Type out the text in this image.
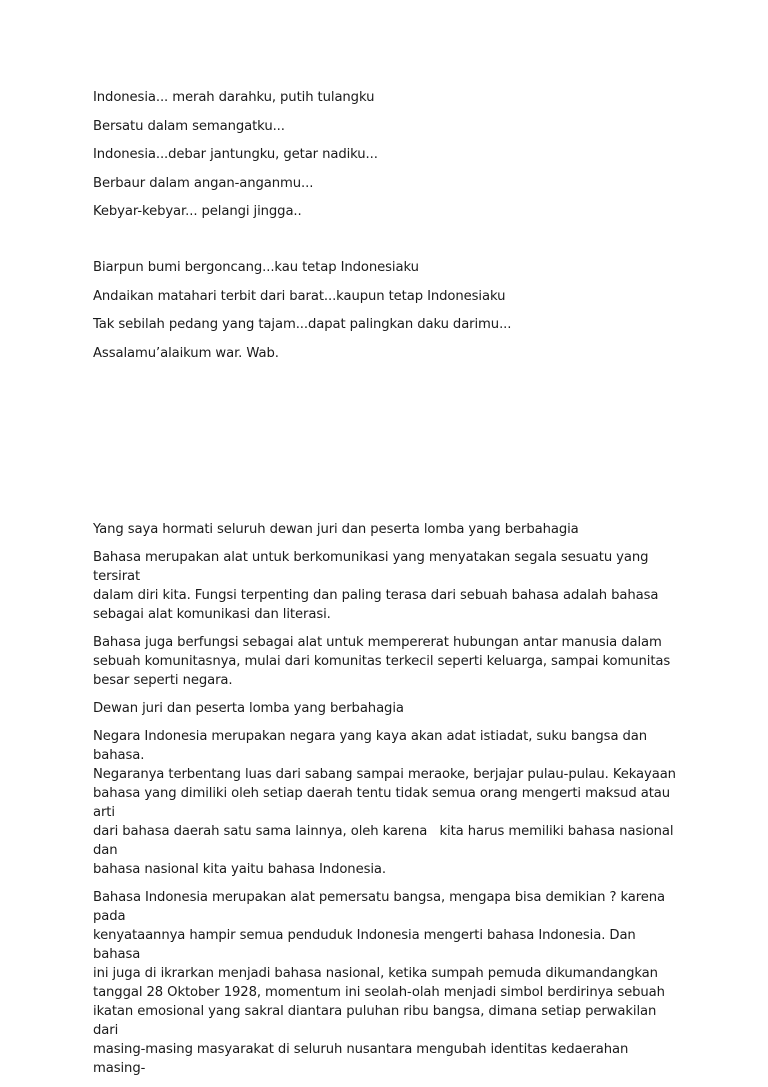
Indonesia... merah darahku, putih tulangku

Bersatu dalam semangatku...

Indonesia...debar jantungku, getar nadiku...

Berbaur dalam angan-anganmu...

Kebyar-kebyar... pelangi jingga..

Biarpun bumi bergoncang...kau tetap Indonesiaku

Andaikan matahari terbit dari barat...kaupun tetap Indonesiaku

Tak sebilah pedang yang tajam...dapat palingkan daku darimu...

Assalamu’alaikum war. Wab.

Yang saya hormati seluruh dewan juri dan peserta lomba yang berbahagia

Bahasa merupakan alat untuk berkomunikasi yang menyatakan segala sesuatu yang tersirat
dalam diri kita. Fungsi terpenting dan paling terasa dari sebuah bahasa adalah bahasa
sebagai alat komunikasi dan literasi.

Bahasa juga berfungsi sebagai alat untuk mempererat hubungan antar manusia dalam
sebuah komunitasnya, mulai dari komunitas terkecil seperti keluarga, sampai komunitas
besar seperti negara.

Dewan juri dan peserta lomba yang berbahagia

Negara Indonesia merupakan negara yang kaya akan adat istiadat, suku bangsa dan bahasa.
Negaranya terbentang luas dari sabang sampai meraoke, berjajar pulau-pulau. Kekayaan
bahasa yang dimiliki oleh setiap daerah tentu tidak semua orang mengerti maksud atau arti
dari bahasa daerah satu sama lainnya, oleh karena   kita harus memiliki bahasa nasional dan
bahasa nasional kita yaitu bahasa Indonesia.

Bahasa Indonesia merupakan alat pemersatu bangsa, mengapa bisa demikian ? karena pada
kenyataannya hampir semua penduduk Indonesia mengerti bahasa Indonesia. Dan bahasa
ini juga di ikrarkan menjadi bahasa nasional, ketika sumpah pemuda dikumandangkan
tanggal 28 Oktober 1928, momentum ini seolah-olah menjadi simbol berdirinya sebuah
ikatan emosional yang sakral diantara puluhan ribu bangsa, dimana setiap perwakilan dari
masing-masing masyarakat di seluruh nusantara mengubah identitas kedaerahan masing-
